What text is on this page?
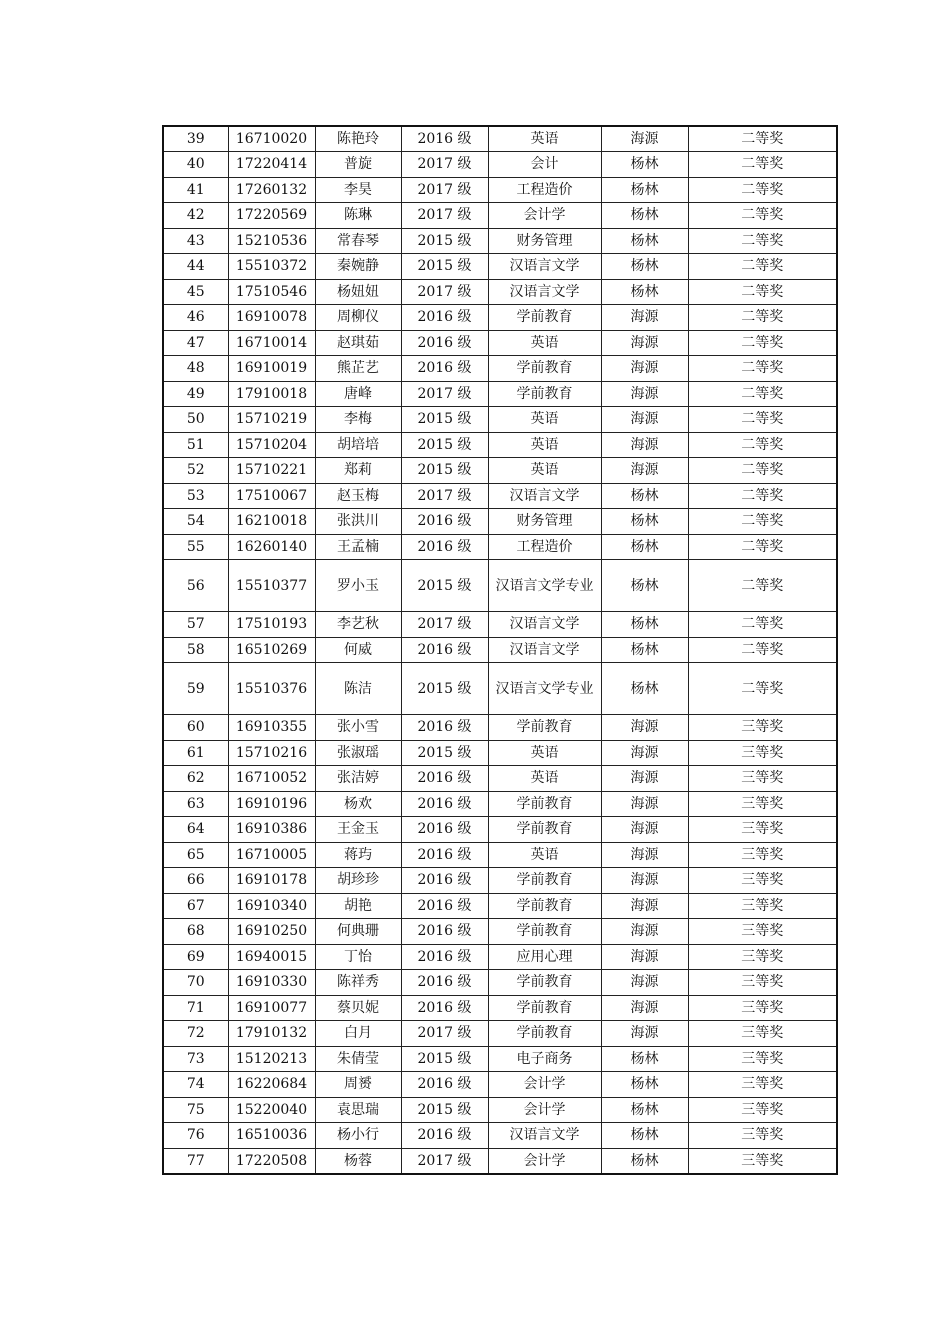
39	16710020	陈艳玲	2016 级	英语	海源	二等奖
40	17220414	普旋	2017 级	会计	杨林	二等奖
41	17260132	李昊	2017 级	工程造价	杨林	二等奖
42	17220569	陈琳	2017 级	会计学	杨林	二等奖
43	15210536	常春琴	2015 级	财务管理	杨林	二等奖
44	15510372	秦婉静	2015 级	汉语言文学	杨林	二等奖
45	17510546	杨妞妞	2017 级	汉语言文学	杨林	二等奖
46	16910078	周柳仪	2016 级	学前教育	海源	二等奖
47	16710014	赵琪茹	2016 级	英语	海源	二等奖
48	16910019	熊芷艺	2016 级	学前教育	海源	二等奖
49	17910018	唐峰	2017 级	学前教育	海源	二等奖
50	15710219	李梅	2015 级	英语	海源	二等奖
51	15710204	胡培培	2015 级	英语	海源	二等奖
52	15710221	郑莉	2015 级	英语	海源	二等奖
53	17510067	赵玉梅	2017 级	汉语言文学	杨林	二等奖
54	16210018	张洪川	2016 级	财务管理	杨林	二等奖
55	16260140	王孟楠	2016 级	工程造价	杨林	二等奖
56	15510377	罗小玉	2015 级	汉语言文学专业	杨林	二等奖
57	17510193	李艺秋	2017 级	汉语言文学	杨林	二等奖
58	16510269	何威	2016 级	汉语言文学	杨林	二等奖
59	15510376	陈洁	2015 级	汉语言文学专业	杨林	二等奖
60	16910355	张小雪	2016 级	学前教育	海源	三等奖
61	15710216	张淑瑶	2015 级	英语	海源	三等奖
62	16710052	张洁婷	2016 级	英语	海源	三等奖
63	16910196	杨欢	2016 级	学前教育	海源	三等奖
64	16910386	王金玉	2016 级	学前教育	海源	三等奖
65	16710005	蒋玙	2016 级	英语	海源	三等奖
66	16910178	胡珍珍	2016 级	学前教育	海源	三等奖
67	16910340	胡艳	2016 级	学前教育	海源	三等奖
68	16910250	何典珊	2016 级	学前教育	海源	三等奖
69	16940015	丁怡	2016 级	应用心理	海源	三等奖
70	16910330	陈祥秀	2016 级	学前教育	海源	三等奖
71	16910077	蔡贝妮	2016 级	学前教育	海源	三等奖
72	17910132	白月	2017 级	学前教育	海源	三等奖
73	15120213	朱倩莹	2015 级	电子商务	杨林	三等奖
74	16220684	周赟	2016 级	会计学	杨林	三等奖
75	15220040	袁思瑞	2015 级	会计学	杨林	三等奖
76	16510036	杨小行	2016 级	汉语言文学	杨林	三等奖
77	17220508	杨蓉	2017 级	会计学	杨林	三等奖
